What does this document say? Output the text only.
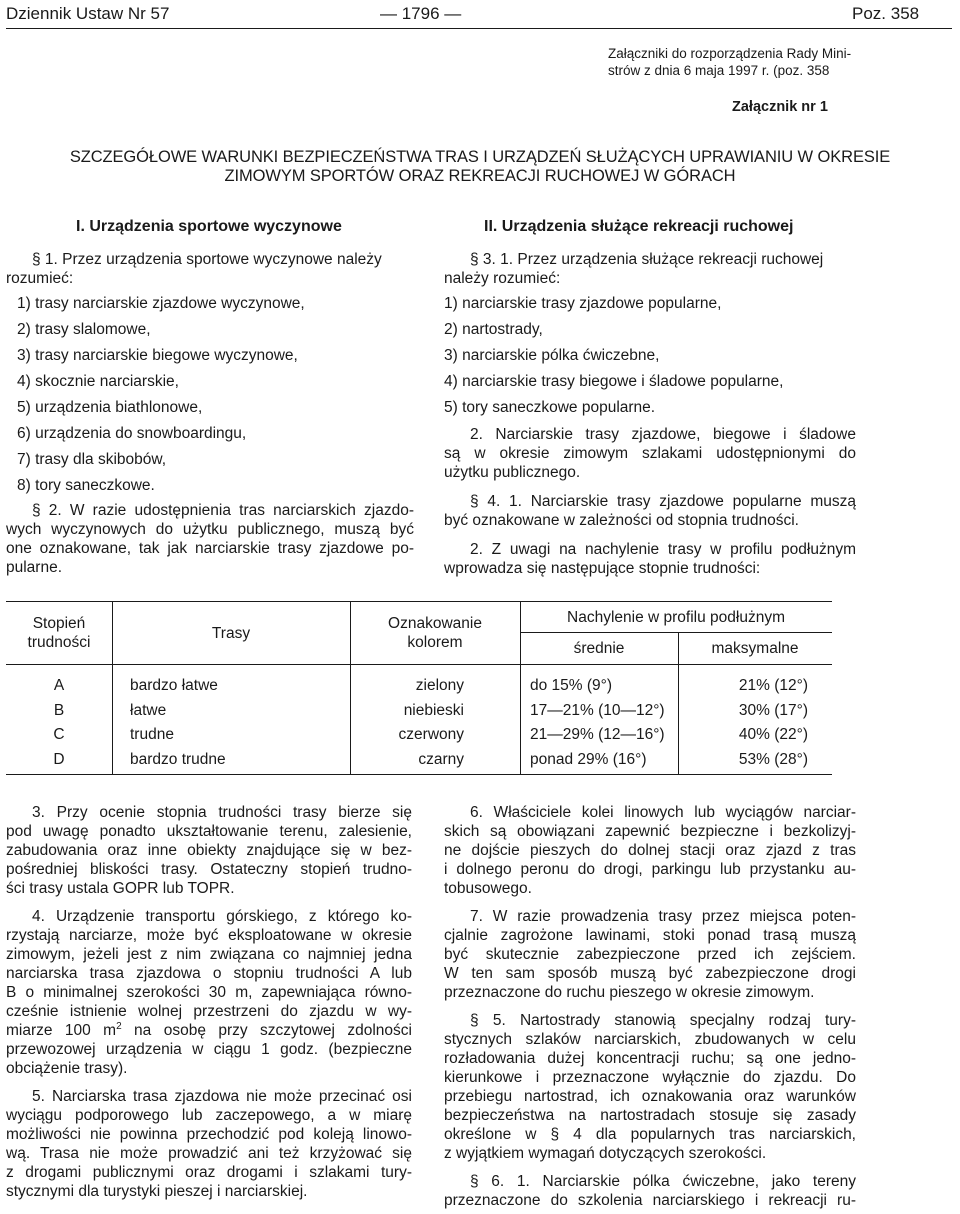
Dziennik Ustaw Nr 57	— 1796 —	Poz. 358
Załączniki do rozporządzenia Rady Mini-
strów z dnia 6 maja 1997 r. (poz. 358
Załącznik nr 1
SZCZEGÓŁOWE WARUNKI BEZPIECZEŃSTWA TRAS I URZĄDZEŃ SŁUŻĄCYCH UPRAWIANIU W OKRESIE
ZIMOWYM SPORTÓW ORAZ REKREACJI RUCHOWEJ W GÓRACH
I. Urządzenia sportowe wyczynowe
§ 1. Przez urządzenia sportowe wyczynowe należy
rozumieć:
1) trasy narciarskie zjazdowe wyczynowe,
2) trasy slalomowe,
3) trasy narciarskie biegowe wyczynowe,
4) skocznie narciarskie,
5) urządzenia biathlonowe,
6) urządzenia do snowboardingu,
7) trasy dla skibobów,
8) tory saneczkowe.
§ 2. W razie udostępnienia tras narciarskich zjazdo-
wych wyczynowych do użytku publicznego, muszą być
one oznakowane, tak jak narciarskie trasy zjazdowe po-
pularne.
II. Urządzenia służące rekreacji ruchowej
§ 3. 1. Przez urządzenia służące rekreacji ruchowej
należy rozumieć:
1) narciarskie trasy zjazdowe popularne,
2) nartostrady,
3) narciarskie pólka ćwiczebne,
4) narciarskie trasy biegowe i śladowe popularne,
5) tory saneczkowe popularne.
2. Narciarskie trasy zjazdowe, biegowe i śladowe
są w okresie zimowym szlakami udostępnionymi do
użytku publicznego.
§ 4. 1. Narciarskie trasy zjazdowe popularne muszą
być oznakowane w zależności od stopnia trudności.
2. Z uwagi na nachylenie trasy w profilu podłużnym
wprowadza się następujące stopnie trudności:
Stopień
trudności
Trasy
Oznakowanie
kolorem
Nachylenie w profilu podłużnym
średnie	maksymalne
A	bardzo łatwe	zielony	do 15% (9°)	21% (12°)
B	łatwe	niebieski	17—21% (10—12°)	30% (17°)
C	trudne	czerwony	21—29% (12—16°)	40% (22°)
D	bardzo trudne	czarny	ponad 29% (16°)	53% (28°)
3. Przy ocenie stopnia trudności trasy bierze się
pod uwagę ponadto ukształtowanie terenu, zalesienie,
zabudowania oraz inne obiekty znajdujące się w bez-
pośredniej bliskości trasy. Ostateczny stopień trudno-
ści trasy ustala GOPR lub TOPR.
4. Urządzenie transportu górskiego, z którego ko-
rzystają narciarze, może być eksploatowane w okresie
zimowym, jeżeli jest z nim związana co najmniej jedna
narciarska trasa zjazdowa o stopniu trudności A lub
B o minimalnej szerokości 30 m, zapewniająca równo-
cześnie istnienie wolnej przestrzeni do zjazdu w wy-
miarze 100 $m^2$ na osobę przy szczytowej zdolności
przewozowej urządzenia w ciągu 1 godz. (bezpieczne
obciążenie trasy).
5. Narciarska trasa zjazdowa nie może przecinać osi
wyciągu podporowego lub zaczepowego, a w miarę
możliwości nie powinna przechodzić pod koleją linowo-
wą. Trasa nie może prowadzić ani też krzyżować się
z drogami publicznymi oraz drogami i szlakami tury-
stycznymi dla turystyki pieszej i narciarskiej.
6. Właściciele kolei linowych lub wyciągów narciar-
skich są obowiązani zapewnić bezpieczne i bezkolizyj-
ne dojście pieszych do dolnej stacji oraz zjazd z tras
i dolnego peronu do drogi, parkingu lub przystanku au-
tobusowego.
7. W razie prowadzenia trasy przez miejsca poten-
cjalnie zagrożone lawinami, stoki ponad trasą muszą
być skutecznie zabezpieczone przed ich zejściem.
W ten sam sposób muszą być zabezpieczone drogi
przeznaczone do ruchu pieszego w okresie zimowym.
§ 5. Nartostrady stanowią specjalny rodzaj tury-
stycznych szlaków narciarskich, zbudowanych w celu
rozładowania dużej koncentracji ruchu; są one jedno-
kierunkowe i przeznaczone wyłącznie do zjazdu. Do
przebiegu nartostrad, ich oznakowania oraz warunków
bezpieczeństwa na nartostradach stosuje się zasady
określone w § 4 dla popularnych tras narciarskich,
z wyjątkiem wymagań dotyczących szerokości.
§ 6. 1. Narciarskie pólka ćwiczebne, jako tereny
przeznaczone do szkolenia narciarskiego i rekreacji ru-
